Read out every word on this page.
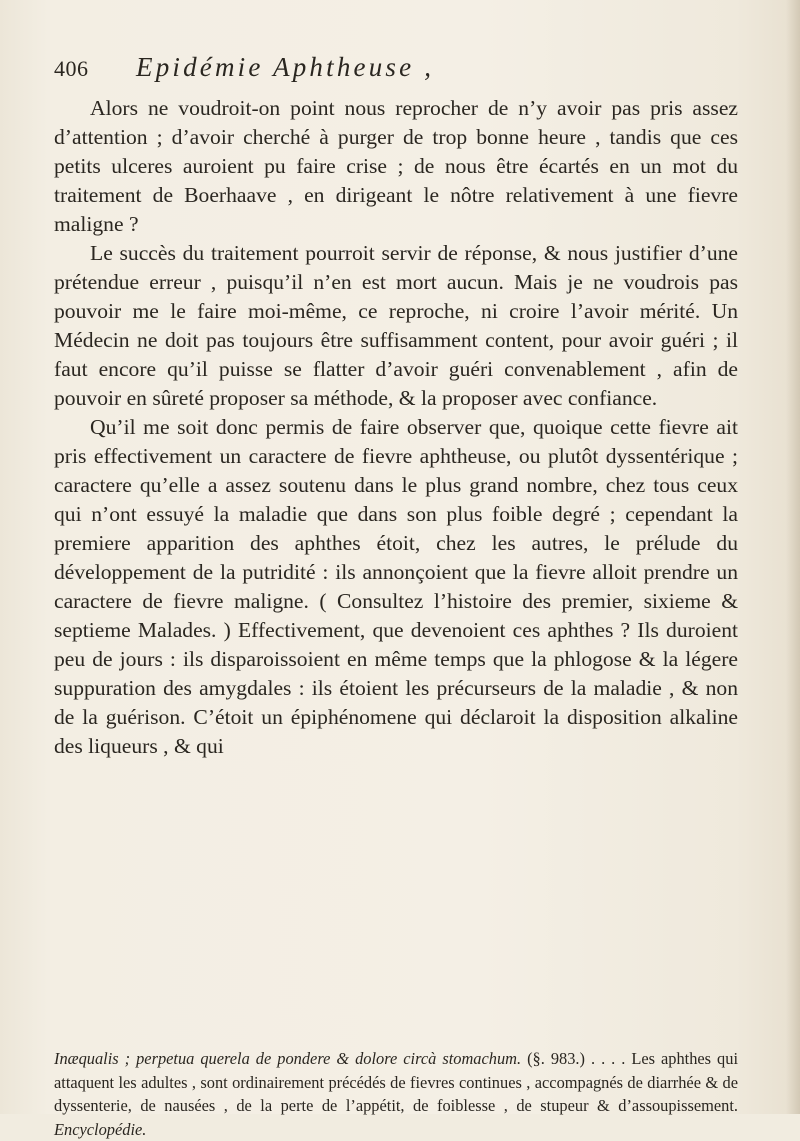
406 Epidémie Aphtheuse ,

Alors ne voudroit-on point nous reprocher de n’y avoir pas pris assez d’attention ; d’avoir cherché à purger de trop bonne heure , tandis que ces petits ulceres auroient pu faire crise ; de nous être écartés en un mot du traitement de Boerhaave , en dirigeant le nôtre relativement à une fievre maligne ?

Le succès du traitement pourroit servir de réponse, & nous justifier d’une prétendue erreur , puisqu’il n’en est mort aucun. Mais je ne voudrois pas pouvoir me le faire moi-même, ce reproche, ni croire l’avoir mérité. Un Médecin ne doit pas toujours être suffisamment content, pour avoir guéri ; il faut encore qu’il puisse se flatter d’avoir guéri convenablement , afin de pouvoir en sûreté proposer sa méthode, & la proposer avec confiance.

Qu’il me soit donc permis de faire observer que, quoique cette fievre ait pris effectivement un caractere de fievre aphtheuse, ou plutôt dyssentérique ; caractere qu’elle a assez soutenu dans le plus grand nombre, chez tous ceux qui n’ont essuyé la maladie que dans son plus foible degré ; cependant la premiere apparition des aphthes étoit, chez les autres, le prélude du développement de la putridité : ils annonçoient que la fievre alloit prendre un caractere de fievre maligne. ( Consultez l’histoire des premier, sixieme & septieme Malades. ) Effectivement, que devenoient ces aphthes ? Ils duroient peu de jours : ils disparoissoient en même temps que la phlogose & la légere suppuration des amygdales : ils étoient les précurseurs de la maladie , & non de la guérison. C’étoit un épiphénomene qui déclaroit la disposition alkaline des liqueurs , & qui

Inæqualis ; perpetua querela de pondere & dolore circà stomachum. (§. 983.) . . . . Les aphthes qui attaquent les adultes , sont ordinairement précédés de fievres continues , accompagnés de diarrhée & de dyssenterie, de nausées , de la perte de l’appétit, de foiblesse , de stupeur & d’assoupissement. Encyclopédie.
